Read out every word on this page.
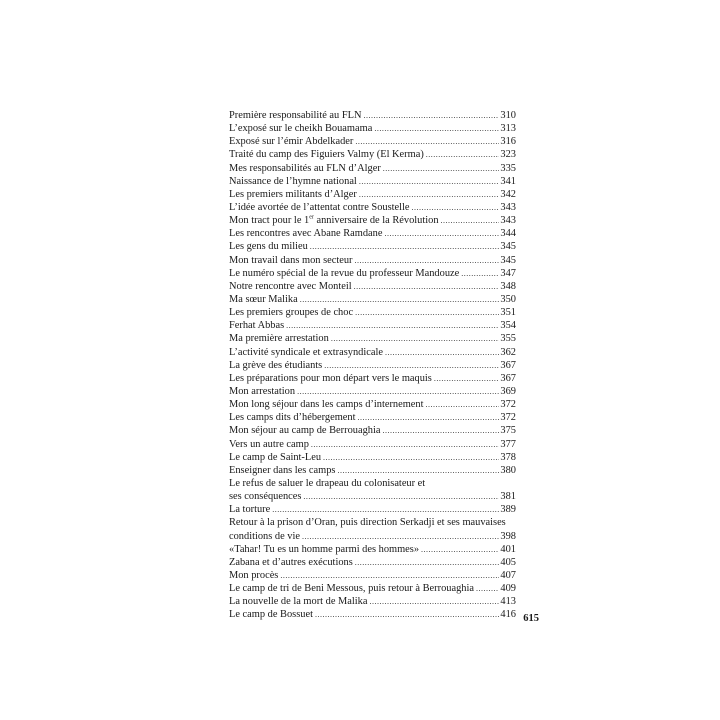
Première responsabilité au FLN .....	310
L’exposé sur le cheikh Bouamama .....	313
Exposé sur l’émir Abdelkader .....	316
Traité du camp des Figuiers Valmy (El Kerma) .....	323
Mes responsabilités au FLN d’Alger .....	335
Naissance de l’hymne national .....	341
Les premiers militants d’Alger .....	342
L’idée avortée de l’attentat contre Soustelle .....	343
Mon tract pour le 1er anniversaire de la Révolution .....	343
Les rencontres avec Abane Ramdane .....	344
Les gens du milieu .....	345
Mon travail dans mon secteur .....	345
Le numéro spécial de la revue du professeur Mandouze .....	347
Notre rencontre avec Monteil .....	348
Ma sœur Malika .....	350
Les premiers groupes de choc .....	351
Ferhat Abbas .....	354
Ma première arrestation .....	355
L’activité syndicale et extrasyndicale .....	362
La grève des étudiants .....	367
Les préparations pour mon départ vers le maquis .....	367
Mon arrestation .....	369
Mon long séjour dans les camps d’internement .....	372
Les camps dits d’hébergement .....	372
Mon séjour au camp de Berrouaghia .....	375
Vers un autre camp .....	377
Le camp de Saint-Leu .....	378
Enseigner dans les camps .....	380
Le refus de saluer le drapeau du colonisateur et
ses conséquences .....	381
La torture .....	389
Retour à la prison d’Oran, puis direction Serkadji et ses mauvaises
conditions de vie .....	398
«Tahar! Tu es un homme parmi des hommes» .....	401
Zabana et d’autres exécutions .....	405
Mon procès .....	407
Le camp de tri de Beni Messous, puis retour à Berrouaghia .....	409
La nouvelle de la mort de Malika .....	413
Le camp de Bossuet .....	416 615
